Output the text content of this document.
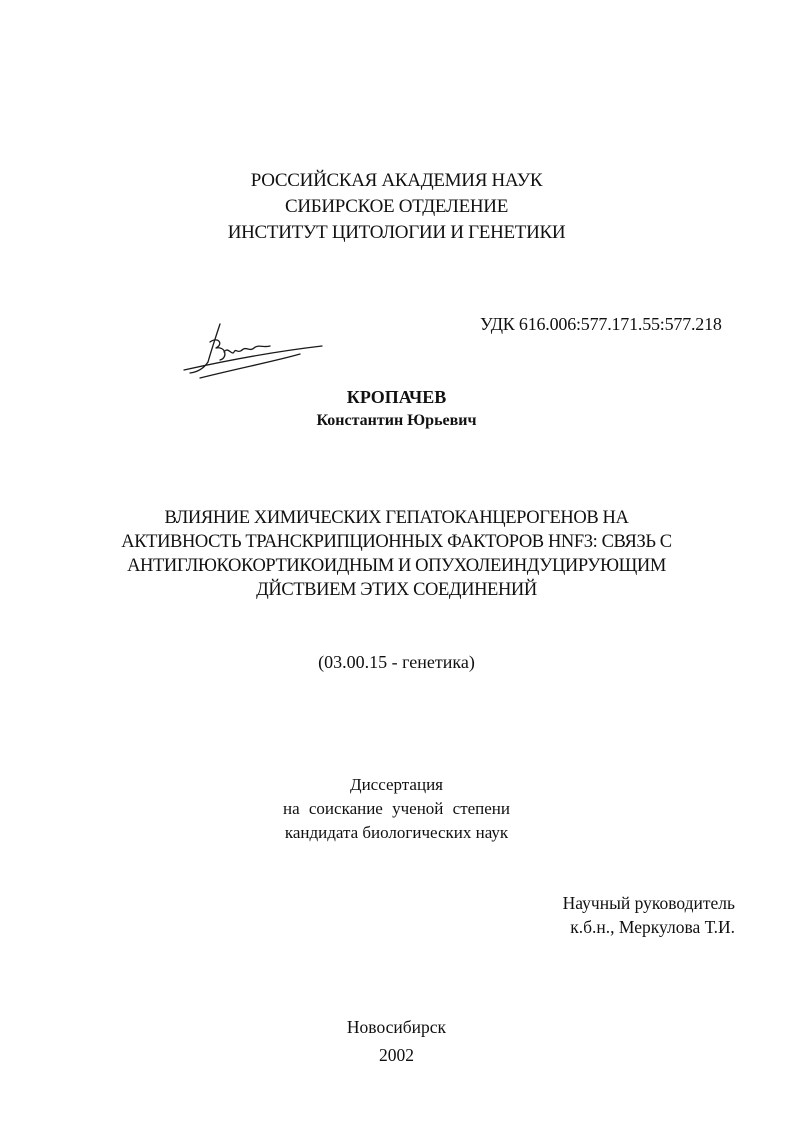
РОССИЙСКАЯ АКАДЕМИЯ НАУК
СИБИРСКОЕ ОТДЕЛЕНИЕ
ИНСТИТУТ ЦИТОЛОГИИ И ГЕНЕТИКИ
УДК 616.006:577.171.55:577.218
КРОПАЧЕВ
Константин Юрьевич
ВЛИЯНИЕ ХИМИЧЕСКИХ ГЕПАТОКАНЦЕРОГЕНОВ НА
АКТИВНОСТЬ ТРАНСКРИПЦИОННЫХ ФАКТОРОВ HNF3: СВЯЗЬ С
АНТИГЛЮКОКОРТИКОИДНЫМ И ОПУХОЛЕИНДУЦИРУЮЩИМ
ДЙСТВИЕМ ЭТИХ СОЕДИНЕНИЙ
(03.00.15 - генетика)
Диссертация
на соискание ученой степени
кандидата биологических наук
Научный руководитель
к.б.н., Меркулова Т.И.
Новосибирск
2002
